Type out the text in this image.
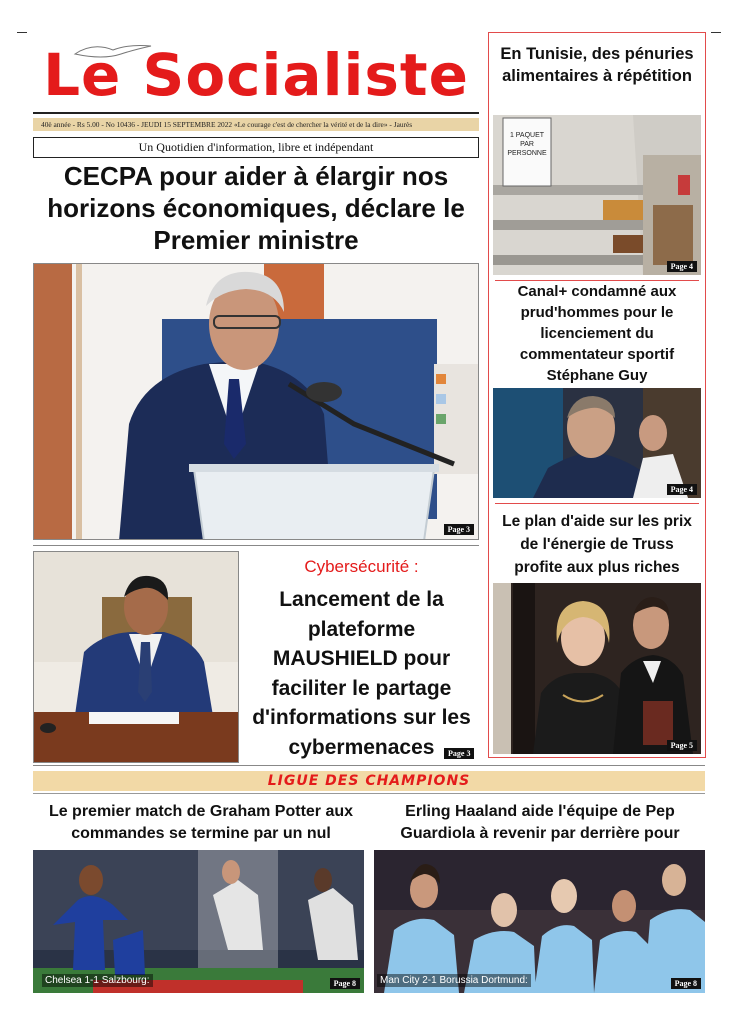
Le Socialiste
40è année - Rs 5.00 - No 10436 - JEUDI 15 SEPTEMBRE 2022 «Le courage c'est de chercher la vérité et de la dire» - Jaurès
Un Quotidien d'information, libre et indépendant
CECPA pour aider à élargir nos horizons économiques, déclare le Premier ministre
Page 3
Cybersécurité :
Lancement de la plateforme MAUSHIELD pour faciliter le partage d'informations sur les cybermenaces	Page 3
En Tunisie, des pénuries alimentaires à répétition
1 PAQUET PAR PERSONNE
Page 4
Canal+ condamné aux prud'hommes pour le licenciement du commentateur sportif Stéphane Guy
Page 4
Le plan d'aide sur les prix de l'énergie de Truss profite aux plus riches
Page 5
LIGUE DES CHAMPIONS
Le premier match de Graham Potter aux commandes se termine par un nul
Chelsea 1-1 Salzbourg:	Page 8
Erling Haaland aide l'équipe de Pep Guardiola à revenir par derrière pour
Man City 2-1 Borussia Dortmund:	Page 8
